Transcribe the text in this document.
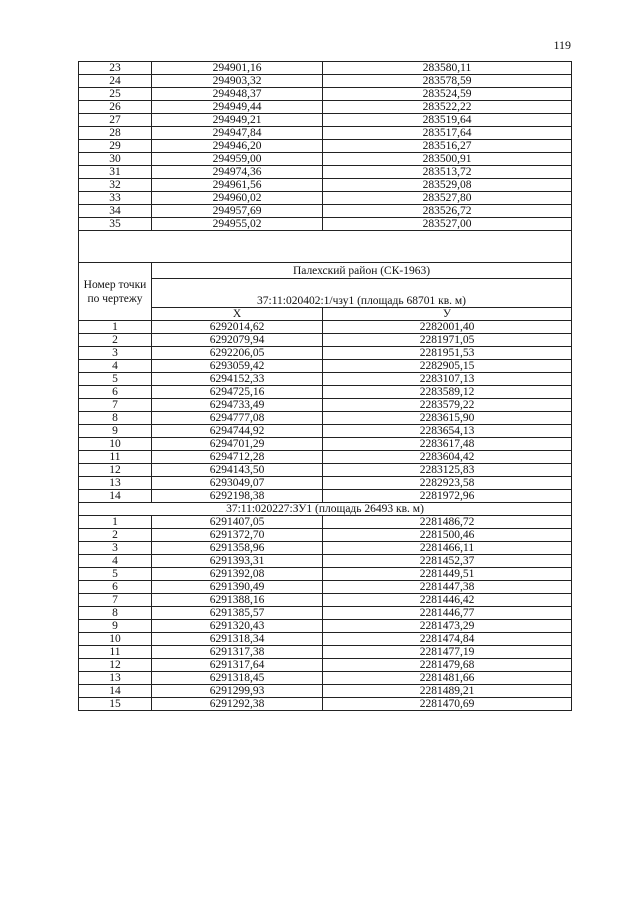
119
23	294901,16	283580,11
24	294903,32	283578,59
25	294948,37	283524,59
26	294949,44	283522,22
27	294949,21	283519,64
28	294947,84	283517,64
29	294946,20	283516,27
30	294959,00	283500,91
31	294974,36	283513,72
32	294961,56	283529,08
33	294960,02	283527,80
34	294957,69	283526,72
35	294955,02	283527,00

Номер точки по чертежу	Палехский район (СК-1963)	
	37:11:020402:1/чзу1 (площадь 68701 кв. м)	
	X	У
1	6292014,62	2282001,40
2	6292079,94	2281971,05
3	6292206,05	2281951,53
4	6293059,42	2282905,15
5	6294152,33	2283107,13
6	6294725,16	2283589,12
7	6294733,49	2283579,22
8	6294777,08	2283615,90
9	6294744,92	2283654,13
10	6294701,29	2283617,48
11	6294712,28	2283604,42
12	6294143,50	2283125,83
13	6293049,07	2282923,58
14	6292198,38	2281972,96
37:11:020227:ЗУ1 (площадь 26493 кв. м)		
1	6291407,05	2281486,72
2	6291372,70	2281500,46
3	6291358,96	2281466,11
4	6291393,31	2281452,37
5	6291392,08	2281449,51
6	6291390,49	2281447,38
7	6291388,16	2281446,42
8	6291385,57	2281446,77
9	6291320,43	2281473,29
10	6291318,34	2281474,84
11	6291317,38	2281477,19
12	6291317,64	2281479,68
13	6291318,45	2281481,66
14	6291299,93	2281489,21
15	6291292,38	2281470,69
